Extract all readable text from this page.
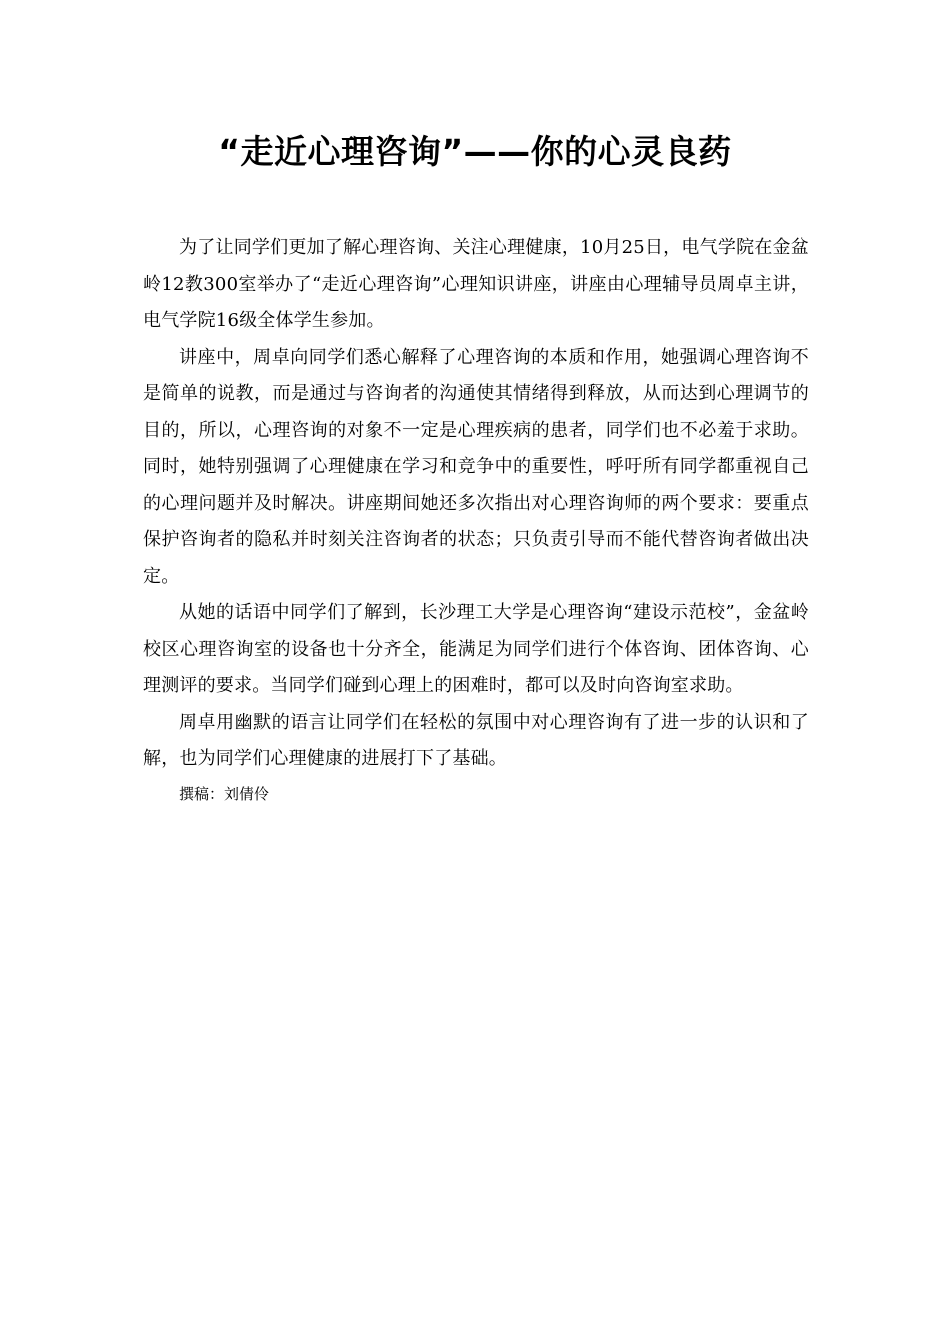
“走近心理咨询”——你的心灵良药

为了让同学们更加了解心理咨询、关注心理健康，10月25日，电气学院在金盆岭12教300室举办了“走近心理咨询”心理知识讲座，讲座由心理辅导员周卓主讲，电气学院16级全体学生参加。

讲座中，周卓向同学们悉心解释了心理咨询的本质和作用，她强调心理咨询不是简单的说教，而是通过与咨询者的沟通使其情绪得到释放，从而达到心理调节的目的，所以，心理咨询的对象不一定是心理疾病的患者，同学们也不必羞于求助。同时，她特别强调了心理健康在学习和竞争中的重要性，呼吁所有同学都重视自己的心理问题并及时解决。讲座期间她还多次指出对心理咨询师的两个要求：要重点保护咨询者的隐私并时刻关注咨询者的状态；只负责引导而不能代替咨询者做出决定。

从她的话语中同学们了解到，长沙理工大学是心理咨询“建设示范校”，金盆岭校区心理咨询室的设备也十分齐全，能满足为同学们进行个体咨询、团体咨询、心理测评的要求。当同学们碰到心理上的困难时，都可以及时向咨询室求助。

周卓用幽默的语言让同学们在轻松的氛围中对心理咨询有了进一步的认识和了解，也为同学们心理健康的进展打下了基础。

撰稿：刘倩伶
